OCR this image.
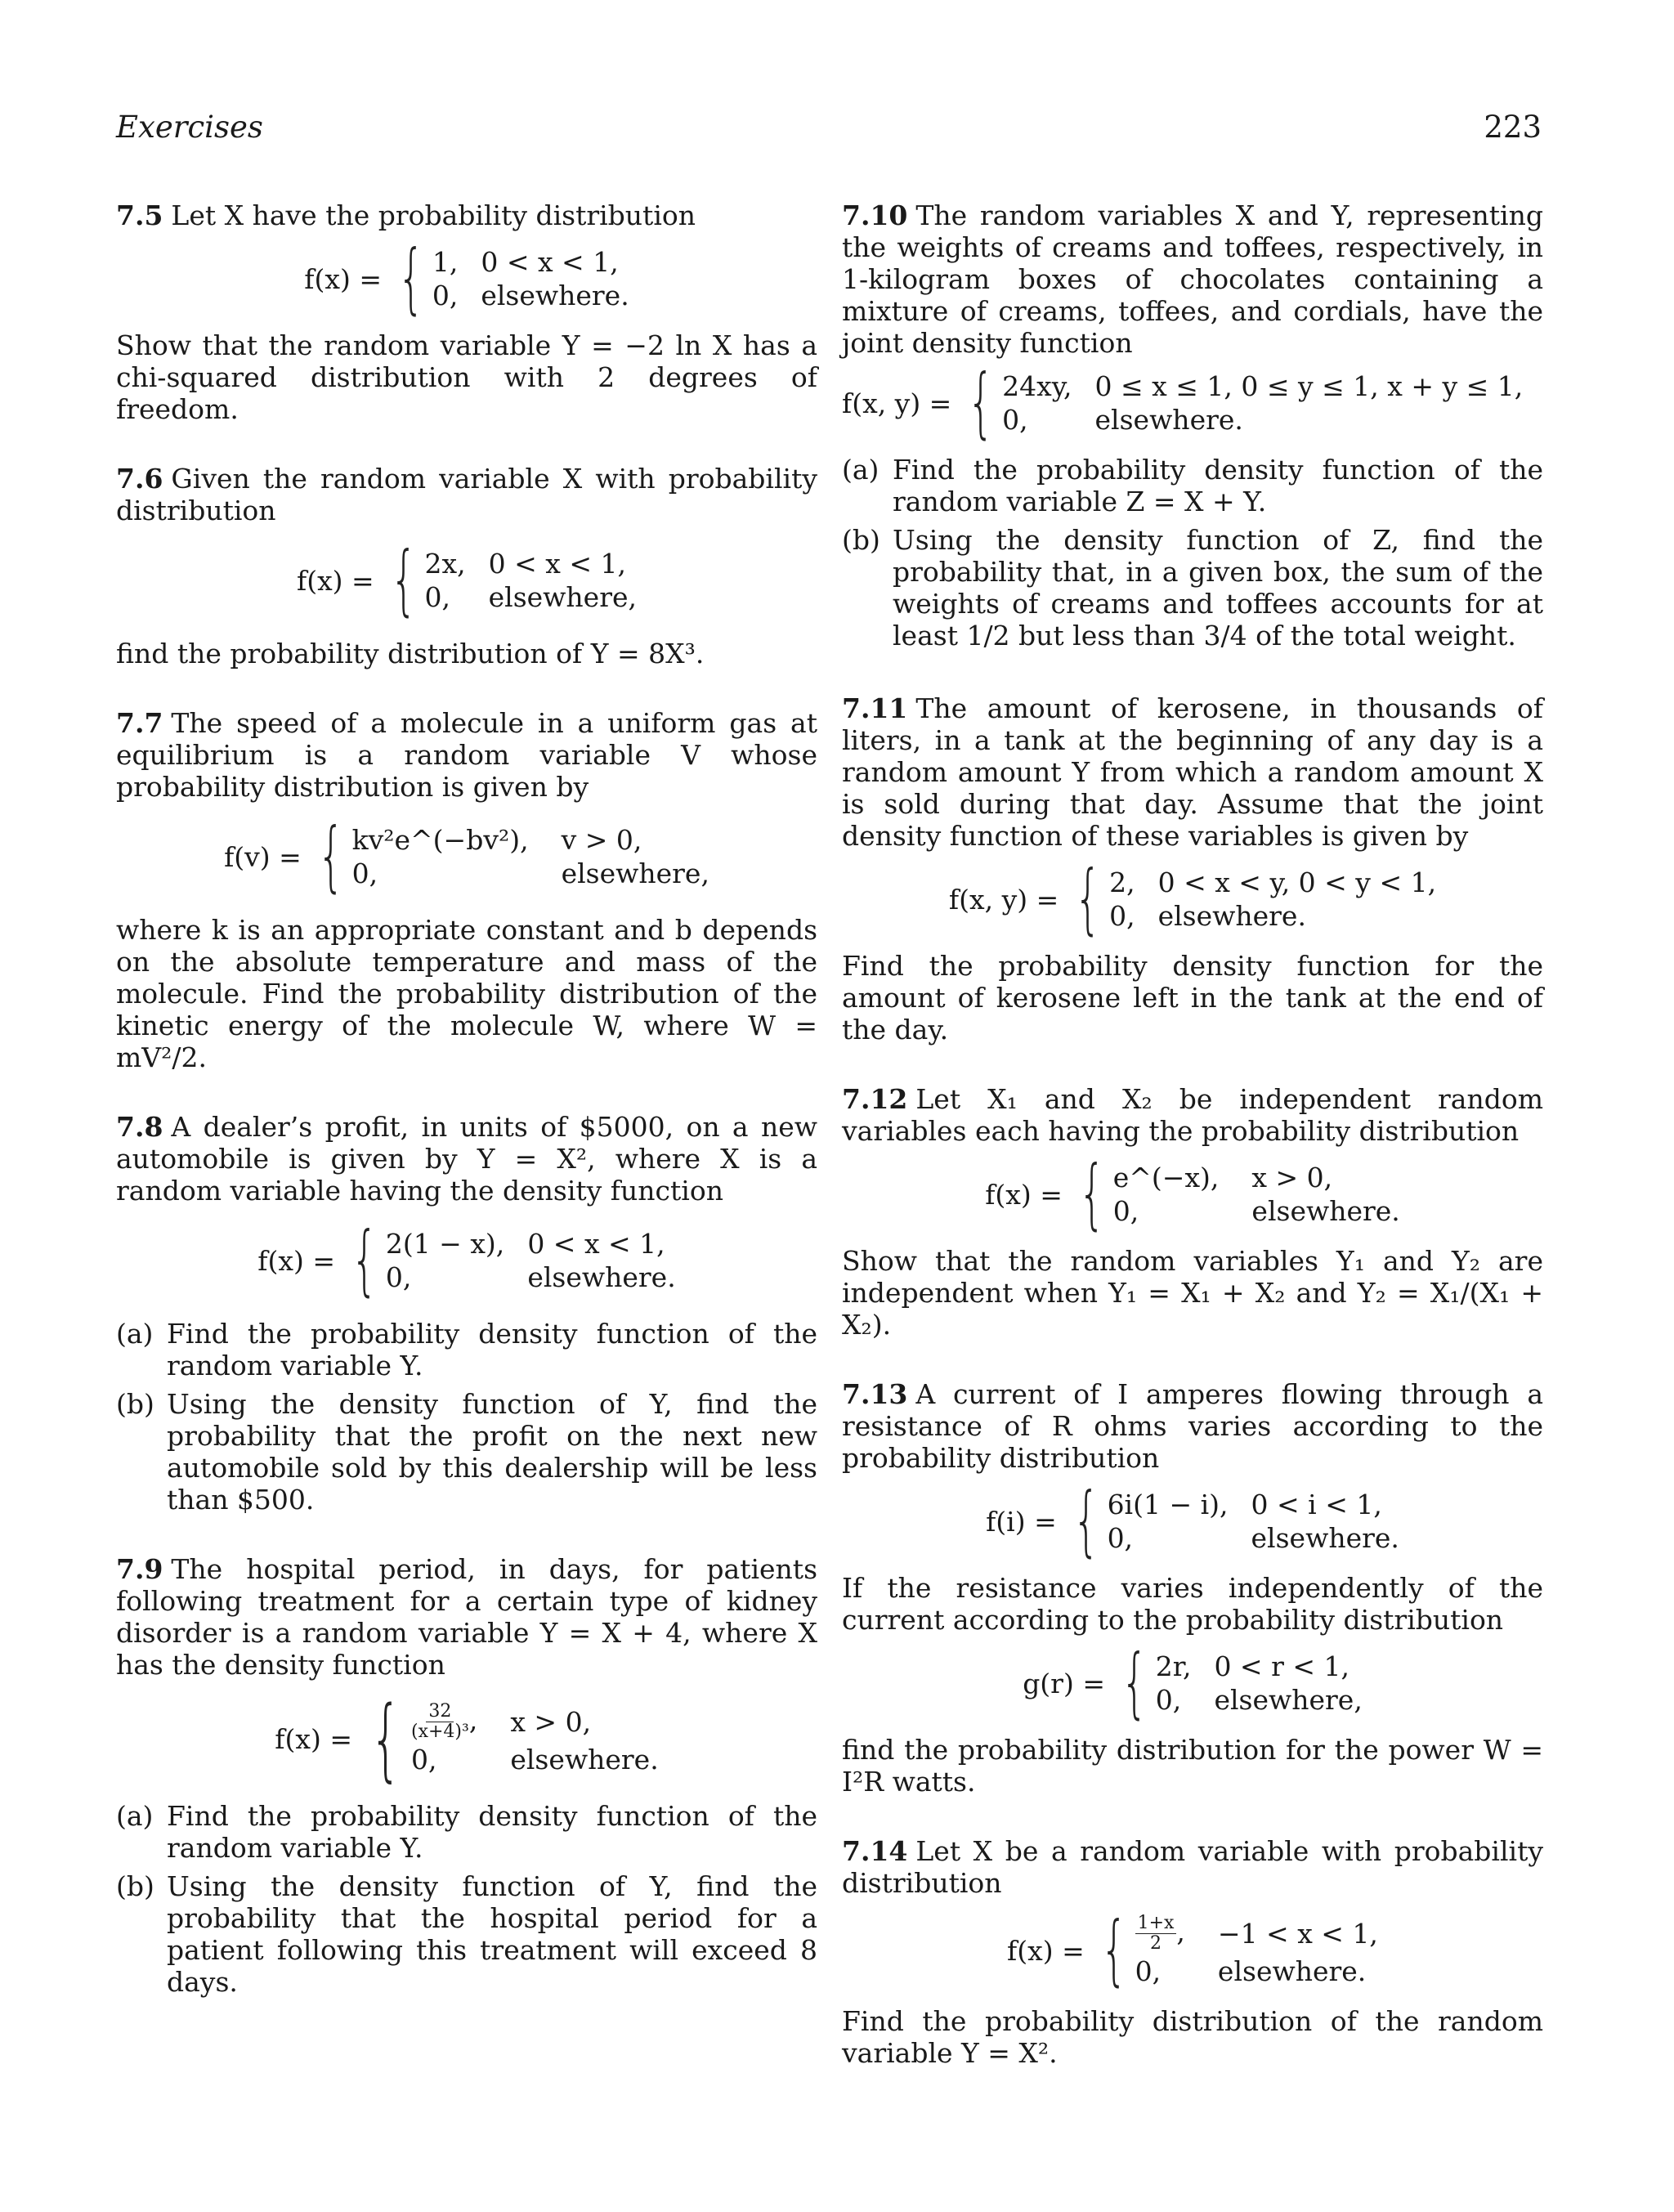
Exercises	223

7.5 Let X have the probability distribution

f(x) = { 1, 0 < x < 1,
0, elsewhere.

Show that the random variable Y = −2 ln X has a chi-squared distribution with 2 degrees of freedom.

7.6 Given the random variable X with probability distribution

f(x) = { 2x, 0 < x < 1,
0,	elsewhere,

find the probability distribution of Y = 8X³.

7.7 The speed of a molecule in a uniform gas at equilibrium is a random variable V whose probability distribution is given by

f(v) = { kv²e^(−bv²), v > 0,
0,	elsewhere,

where k is an appropriate constant and b depends on the absolute temperature and mass of the molecule. Find the probability distribution of the kinetic energy of the molecule W, where W = mV²/2.

7.8 A dealer’s profit, in units of $5000, on a new automobile is given by Y = X², where X is a random variable having the density function

f(x) = { 2(1 − x), 0 < x < 1,
0,	elsewhere.
(a) Find the probability density function of the random variable Y.
(b) Using the density function of Y, find the probability that the profit on the next new automobile sold by this dealership will be less than $500.

7.9 The hospital period, in days, for patients following treatment for a certain type of kidney disorder is a random variable Y = X + 4, where X has the density function

f(x) = { $\frac{32}{\text{(x+4)³}}$ , x > 0,
0,	elsewhere.
(a) Find the probability density function of the random variable Y.
(b) Using the density function of Y, find the probability that the hospital period for a patient following this treatment will exceed 8 days.

7.10 The random variables X and Y, representing the weights of creams and toffees, respectively, in 1-kilogram boxes of chocolates containing a mixture of creams, toffees, and cordials, have the joint density function

f(x, y) = { 24xy, 0 ≤ x ≤ 1, 0 ≤ y ≤ 1, x + y ≤ 1,
0,	elsewhere.
(a) Find the probability density function of the random variable Z = X + Y.
(b) Using the density function of Z, find the probability that, in a given box, the sum of the weights of creams and toffees accounts for at least 1/2 but less than 3/4 of the total weight.

7.11 The amount of kerosene, in thousands of liters, in a tank at the beginning of any day is a random amount Y from which a random amount X is sold during that day. Assume that the joint density function of these variables is given by

f(x, y) = { 2, 0 < x < y, 0 < y < 1,
0, elsewhere.

Find the probability density function for the amount of kerosene left in the tank at the end of the day.

7.12 Let X₁ and X₂ be independent random variables each having the probability distribution

f(x) = { e^(−x), x > 0,
0,	elsewhere.

Show that the random variables Y₁ and Y₂ are independent when Y₁ = X₁ + X₂ and Y₂ = X₁/(X₁ + X₂).

7.13 A current of I amperes flowing through a resistance of R ohms varies according to the probability distribution

f(i) = { 6i(1 − i), 0 < i < 1,
0,	elsewhere.

If the resistance varies independently of the current according to the probability distribution

g(r) = { 2r, 0 < r < 1,
0,	elsewhere,

find the probability distribution for the power W = I²R watts.

7.14 Let X be a random variable with probability distribution

f(x) = { $\frac{1+x}{2}$ , −1 < x < 1,
0,	elsewhere.

Find the probability distribution of the random variable Y = X².
